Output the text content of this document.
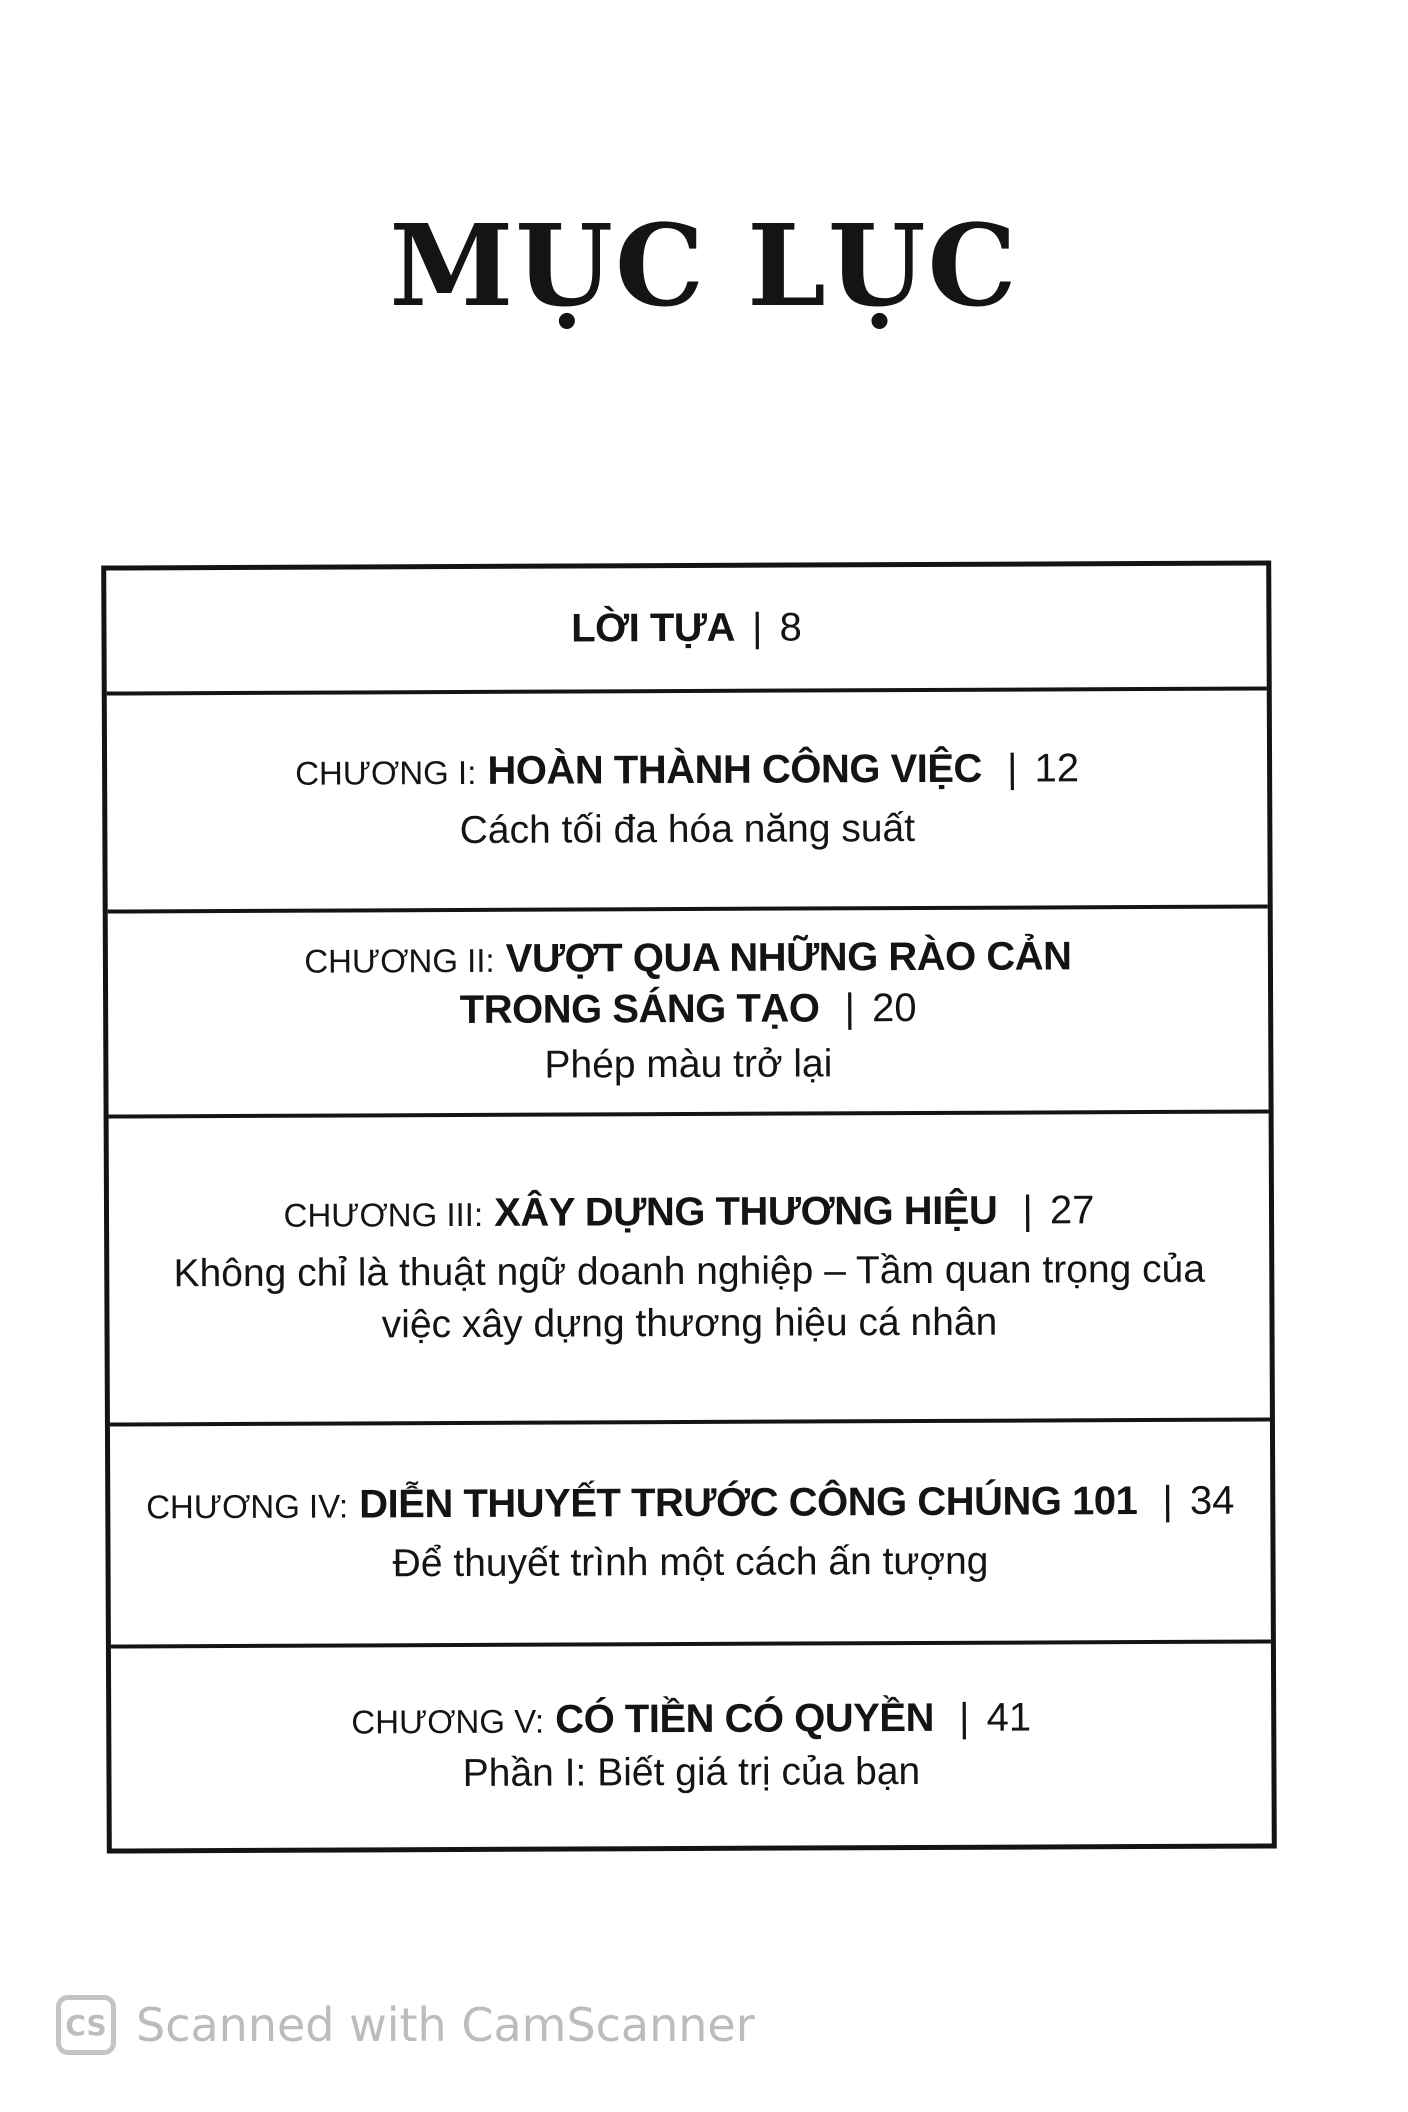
MỤC LỤC
LỜI TỰA | 8
CHƯƠNG I: HOÀN THÀNH CÔNG VIỆC | 12
Cách tối đa hóa năng suất
CHƯƠNG II: VƯỢT QUA NHỮNG RÀO CẢN
TRONG SÁNG TẠO | 20
Phép màu trở lại
CHƯƠNG III: XÂY DỰNG THƯƠNG HIỆU | 27
Không chỉ là thuật ngữ doanh nghiệp – Tầm quan trọng của
việc xây dựng thương hiệu cá nhân
CHƯƠNG IV: DIỄN THUYẾT TRƯỚC CÔNG CHÚNG 101 | 34
Để thuyết trình một cách ấn tượng
CHƯƠNG V: CÓ TIỀN CÓ QUYỀN | 41
Phần I: Biết giá trị của bạn
CS Scanned with CamScanner
